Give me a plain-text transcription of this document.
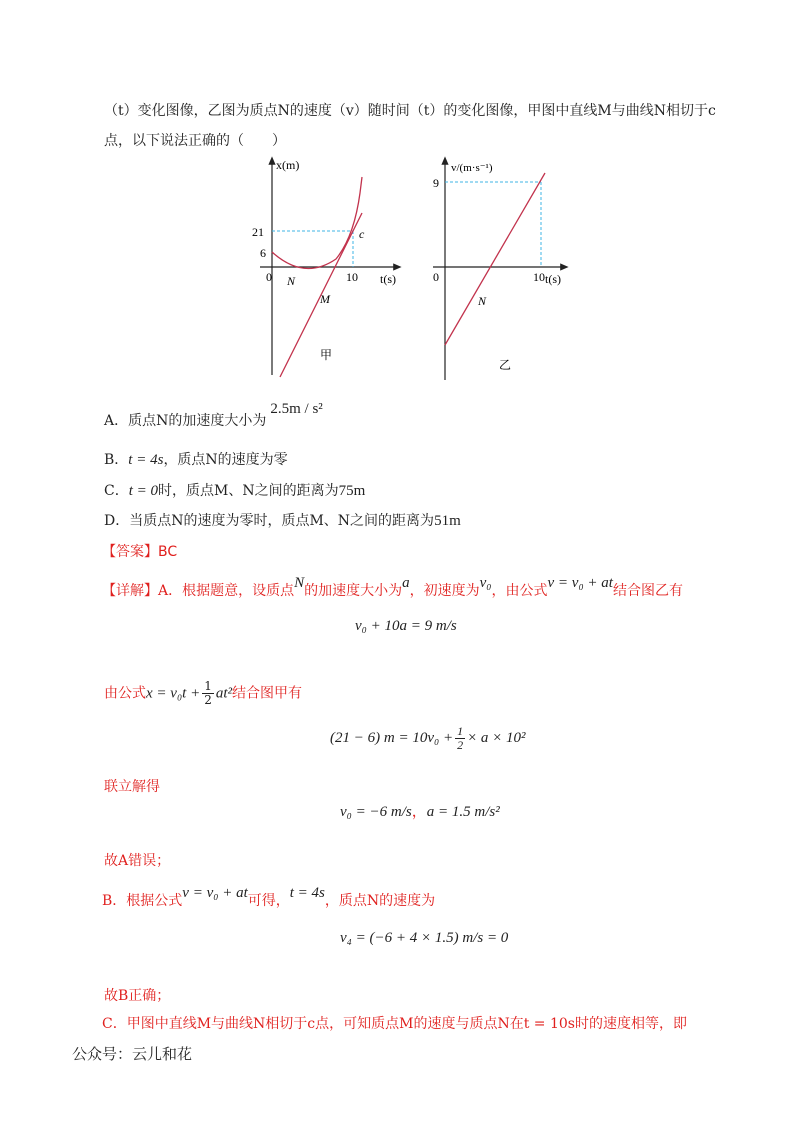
（t）变化图像，乙图为质点N的速度（v）随时间（t）的变化图像，甲图中直线M与曲线N相切于c
点，以下说法正确的（　　）
x(m)
t(s)
0
21
6
10
c
N
M
甲
v/(m·s⁻¹)
t(s)
0
9
10
N
乙
A．质点N的加速度大小为2.5m / s²
B．t = 4s，质点N的速度为零
C．t = 0时，质点M、N之间的距离为75m
D．当质点N的速度为零时，质点M、N之间的距离为51m
【答案】BC
【详解】A．根据题意，设质点N的加速度大小为a，初速度为v₀，由公式v = v₀ + at结合图乙有
v₀ + 10a = 9 m/s
由公式$x = v_0t + \frac{1}{2} at^2$结合图甲有
(21 − 6) $m = 10v_0 + \frac{1}{2} \times a \times 10^2$
联立解得
v₀ = −6 m/s，a = 1.5 m/s²
故A错误；
B．根据公式v = v₀ + at可得，t = 4s，质点N的速度为
v₄ = (−6 + 4 × 1.5) m/s = 0
故B正确；
C．甲图中直线M与曲线N相切于c点，可知质点M的速度与质点N在t = 10s时的速度相等，即
公众号：云儿和花
